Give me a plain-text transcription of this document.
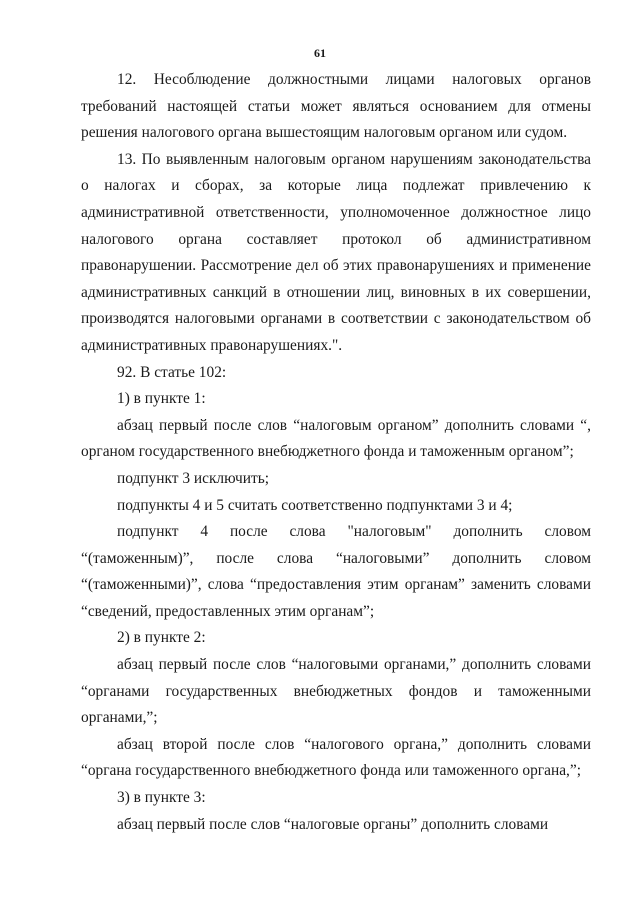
61

12. Несоблюдение должностными лицами налоговых органов требований настоящей статьи может являться основанием для отмены решения налогового органа вышестоящим налоговым органом или судом.

13. По выявленным налоговым органом нарушениям законодательства о налогах и сборах, за которые лица подлежат привлечению к административной ответственности, уполномоченное должностное лицо налогового органа составляет протокол об административном правонарушении. Рассмотрение дел об этих правонарушениях и применение административных санкций в отношении лиц, виновных в их совершении, производятся налоговыми органами в соответствии с законодательством об административных правонарушениях.".

92. В статье 102:

1) в пункте 1:

абзац первый после слов “налоговым органом” дополнить словами “, органом государственного внебюджетного фонда и таможенным органом”;

подпункт 3 исключить;

подпункты 4 и 5 считать соответственно подпунктами 3 и 4;

подпункт 4 после слова "налоговым" дополнить словом “(таможенным)”, после слова “налоговыми” дополнить словом “(таможенными)”, слова “предоставления этим органам” заменить словами “сведений, предоставленных этим органам”;

2) в пункте 2:

абзац первый после слов “налоговыми органами,” дополнить словами “органами государственных внебюджетных фондов и таможенными органами,”;

абзац второй после слов “налогового органа,” дополнить словами “органа государственного внебюджетного фонда или таможенного органа,”;

3) в пункте 3:

абзац первый после слов “налоговые органы” дополнить словами
